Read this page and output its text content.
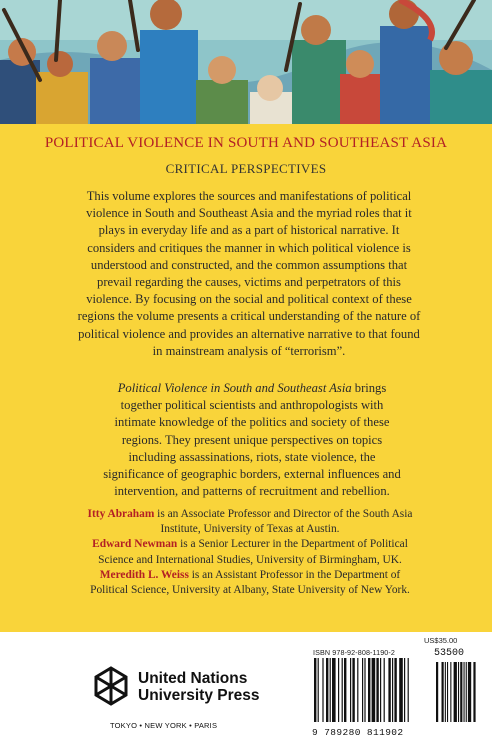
POLITICAL VIOLENCE IN SOUTH AND SOUTHEAST ASIA
CRITICAL PERSPECTIVES
This volume explores the sources and manifestations of political violence in South and Southeast Asia and the myriad roles that it plays in everyday life and as a part of historical narrative. It considers and critiques the manner in which political violence is understood and constructed, and the common assumptions that prevail regarding the causes, victims and perpetrators of this violence. By focusing on the social and political context of these regions the volume presents a critical understanding of the nature of political violence and provides an alternative narrative to that found in mainstream analysis of “terrorism”.
Political Violence in South and Southeast Asia brings together political scientists and anthropologists with intimate knowledge of the politics and society of these regions. They present unique perspectives on topics including assassinations, riots, state violence, the significance of geographic borders, external influences and intervention, and patterns of recruitment and rebellion.
Itty Abraham is an Associate Professor and Director of the South Asia Institute, University of Texas at Austin.
Edward Newman is a Senior Lecturer in the Department of Political Science and International Studies, University of Birmingham, UK.
Meredith L. Weiss is an Assistant Professor in the Department of Political Science, University at Albany, State University of New York.
United Nations
University Press
TOKYO • NEW YORK • PARIS
US$35.00
ISBN 978-92-808-1190-2	53500
9 789280 811902
